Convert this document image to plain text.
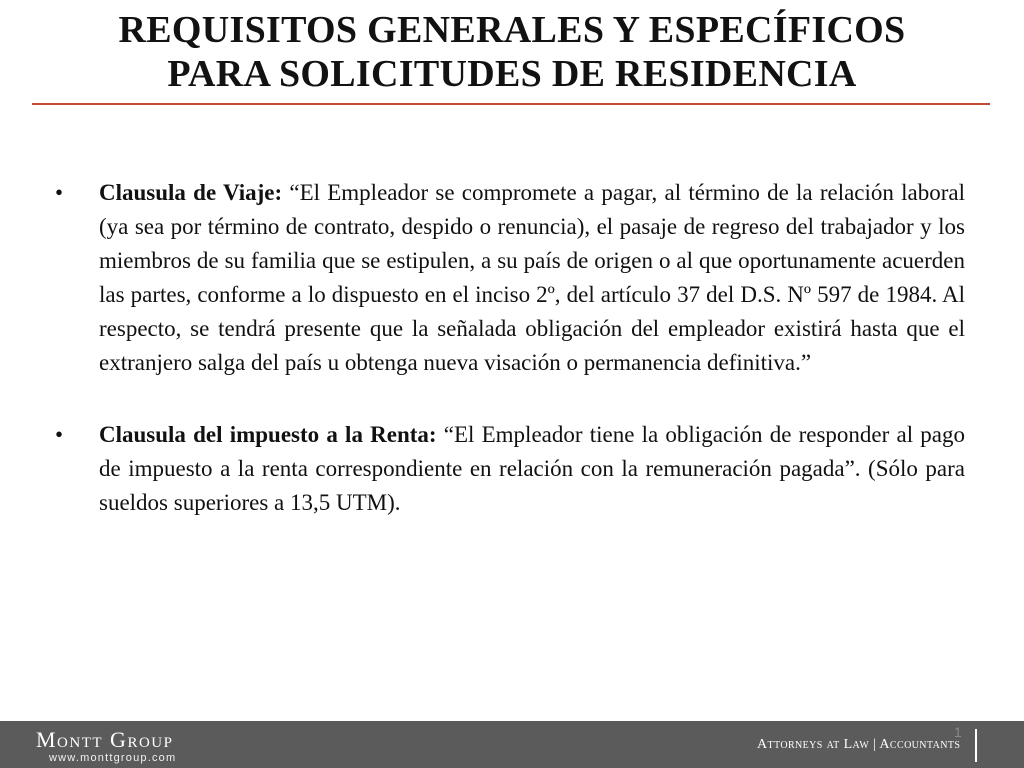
REQUISITOS GENERALES Y ESPECÍFICOS
PARA SOLICITUDES DE RESIDENCIA
•	Clausula de Viaje: “El Empleador se compromete a pagar, al término de la relación laboral (ya sea por término de contrato, despido o renuncia), el pasaje de regreso del trabajador y los miembros de su familia que se estipulen, a su país de origen o al que oportunamente acuerden las partes, conforme a lo dispuesto en el inciso 2º, del artículo 37 del D.S. Nº 597 de 1984. Al respecto, se tendrá presente que la señalada obligación del empleador existirá hasta que el extranjero salga del país u obtenga nueva visación o permanencia definitiva.”
•	Clausula del impuesto a la Renta: “El Empleador tiene la obligación de responder al pago de impuesto a la renta correspondiente en relación con la remuneración pagada”. (Sólo para sueldos superiores a 13,5 UTM).
Montt Group
www.monttgroup.com
Attorneys at Law | Accountants
1
